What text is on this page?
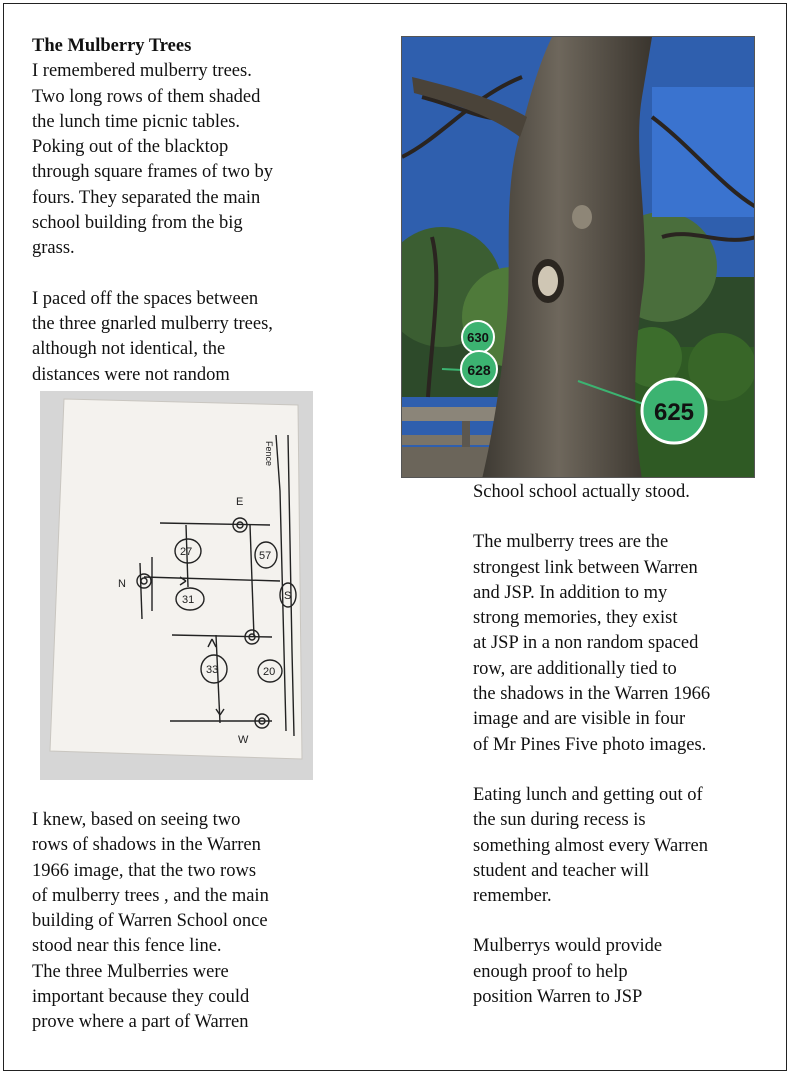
The Mulberry Trees

I remembered mulberry trees.

Two long rows of them shaded

the lunch time picnic tables.

Poking out of the blacktop

through square frames of two by

fours. They separated the main

school building from the big

grass.

I paced off the spaces between

the three gnarled mulberry trees,

although not identical, the

distances were not random

Fence
E
N
W
S
27
31
57
33	20

I knew, based on seeing two

rows of shadows in the Warren

1966 image, that the two rows

of mulberry trees , and the main

building of Warren School once

stood near this fence line.

The three Mulberries were

important because they could

prove where a part of Warren

630
628
625

School school actually stood.

The mulberry trees are the

strongest link between Warren

and JSP. In addition to my

strong memories, they exist

at JSP in a non random spaced

row, are additionally tied to

the shadows in the Warren 1966

image and are visible in four

of Mr Pines Five photo images.

Eating lunch and getting out of

the sun during recess is

something almost every Warren

student and teacher will

remember.

Mulberrys would provide

enough proof to help

position Warren to JSP
